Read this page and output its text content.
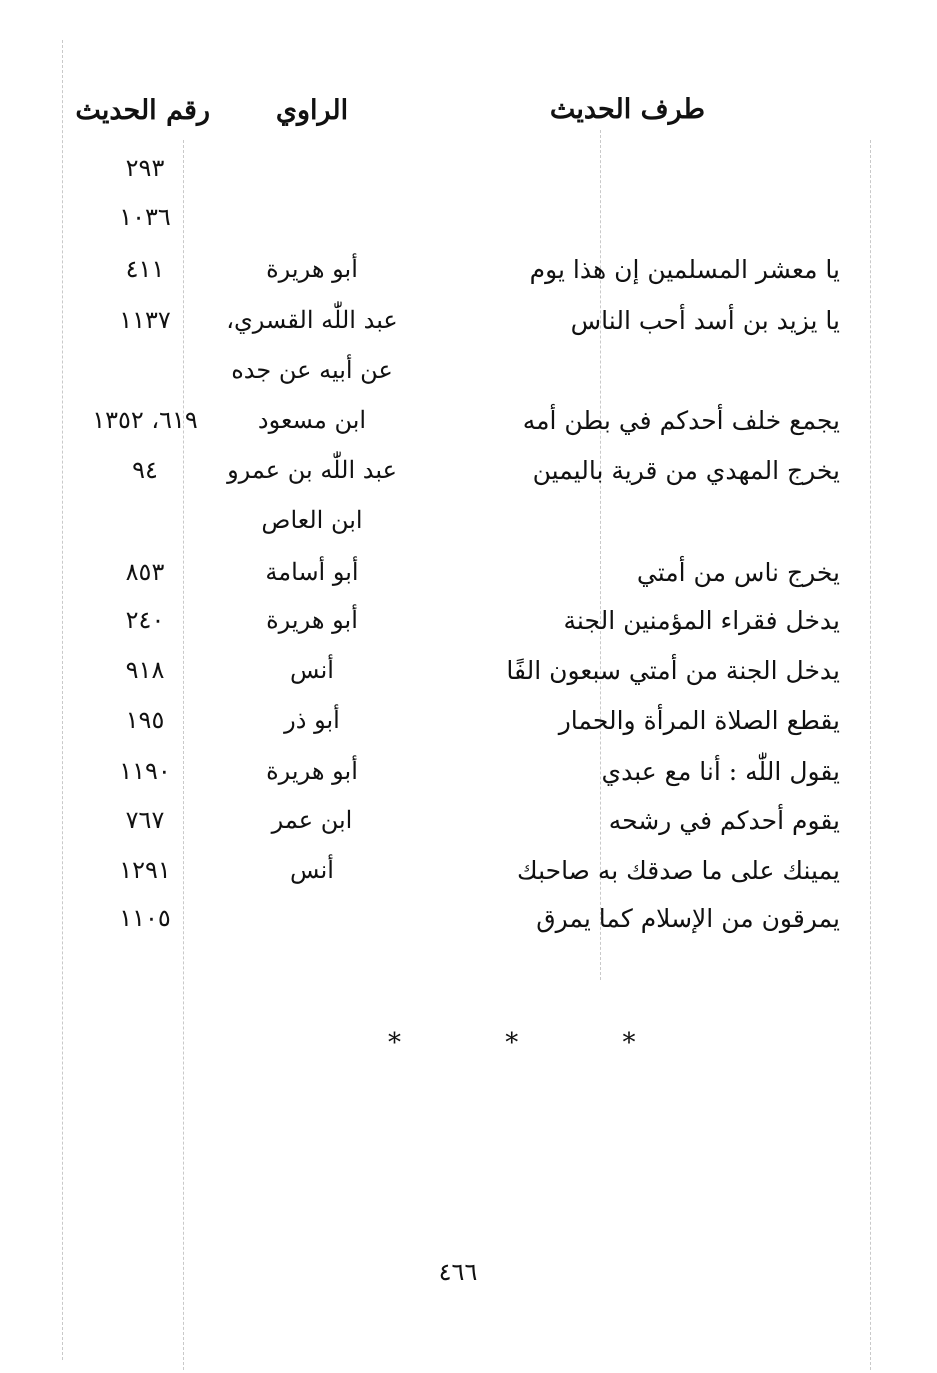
طرف الحديث
الراوي
رقم الحديث
٢٩٣
١٠٣٦
يا معشر المسلمين إن هذا يوم
أبو هريرة
٤١١
يا يزيد بن أسد أحب الناس
عبد اللّٰه القسري،
١١٣٧
عن أبيه عن جده
يجمع خلف أحدكم في بطن أمه
ابن مسعود
٦١٩، ١٣٥٢
يخرج المهدي من قرية باليمين
عبد اللّٰه بن عمرو
٩٤
ابن العاص
يخرج ناس من أمتي
أبو أسامة
٨٥٣
يدخل فقراء المؤمنين الجنة
أبو هريرة
٢٤٠
يدخل الجنة من أمتي سبعون الفًا
أنس
٩١٨
يقطع الصلاة المرأة والحمار
أبو ذر
١٩٥
يقول اللّٰه : أنا مع عبدي
أبو هريرة
١١٩٠
يقوم أحدكم في رشحه
ابن عمر
٧٦٧
يمينك على ما صدقك به صاحبك
أنس
١٢٩١
يمرقون من الإسلام كما يمرق
١١٠٥
* * *
٤٦٦
